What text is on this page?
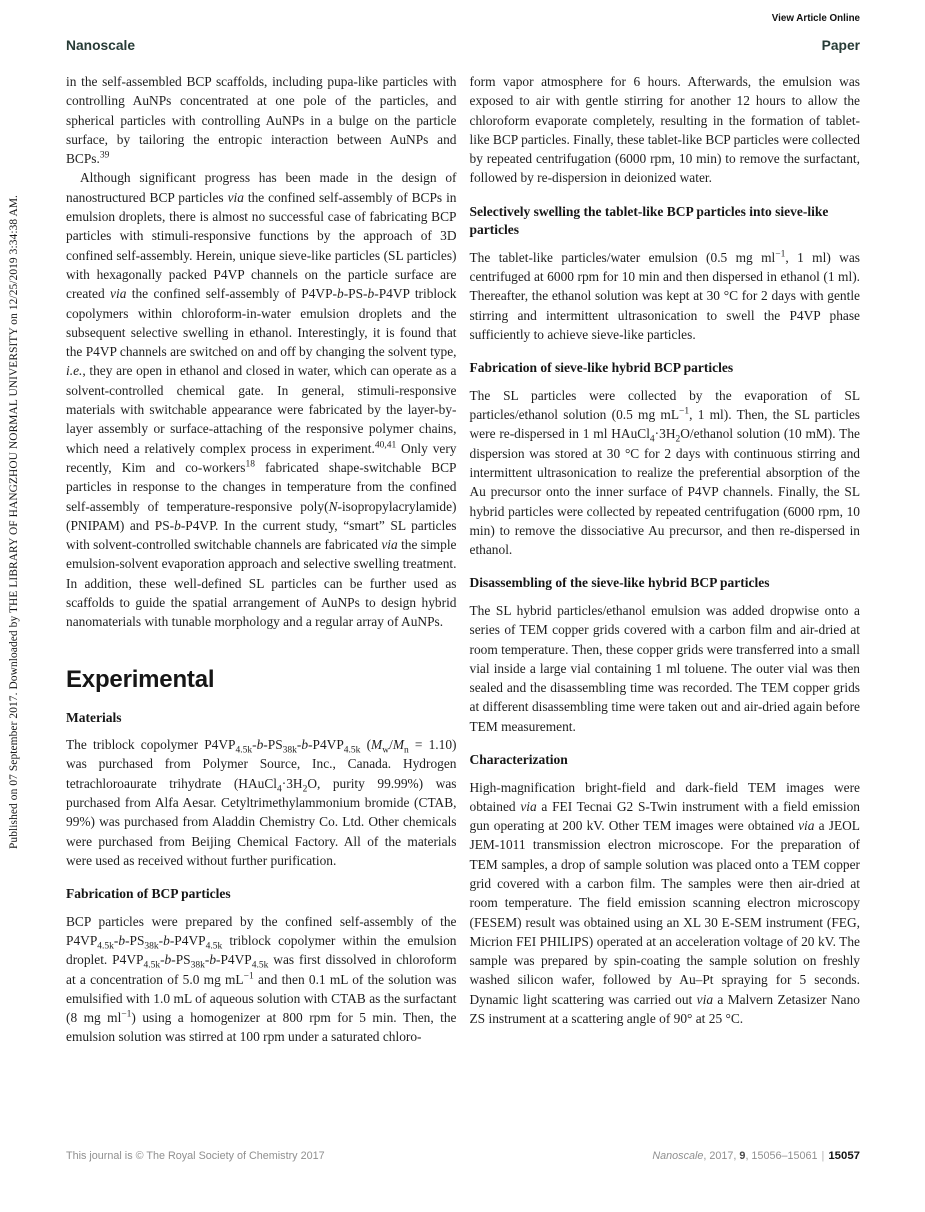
Published on 07 September 2017. Downloaded by THE LIBRARY OF HANGZHOU NORMAL UNIVERSITY on 12/25/2019 3:34:38 AM.
View Article Online
Nanoscale	Paper

in the self-assembled BCP scaffolds, including pupa-like particles with controlling AuNPs concentrated at one pole of the particles, and spherical particles with controlling AuNPs in a bulge on the particle surface, by tailoring the entropic interaction between AuNPs and BCPs.$^{39}$

Although significant progress has been made in the design of nanostructured BCP particles via the confined self-assembly of BCPs in emulsion droplets, there is almost no successful case of fabricating BCP particles with stimuli-responsive functions by the approach of 3D confined self-assembly. Herein, unique sieve-like particles (SL particles) with hexagonally packed P4VP channels on the particle surface are created via the confined self-assembly of P4VP-b-PS-b-P4VP triblock copolymers within chloroform-in-water emulsion droplets and the subsequent selective swelling in ethanol. Interestingly, it is found that the P4VP channels are switched on and off by changing the solvent type, i.e., they are open in ethanol and closed in water, which can operate as a solvent-controlled chemical gate. In general, stimuli-responsive materials with switchable appearance were fabricated by the layer-by-layer assembly or surface-attaching of the responsive polymer chains, which need a relatively complex process in experiment.$^{40,41}$ Only very recently, Kim and co-workers$^{18}$ fabricated shape-switchable BCP particles in response to the changes in temperature from the confined self-assembly of temperature-responsive poly(N-isopropylacrylamide) (PNIPAM) and PS-b-P4VP. In the current study, “smart” SL particles with solvent-controlled switchable channels are fabricated via the simple emulsion-solvent evaporation approach and selective swelling treatment. In addition, these well-defined SL particles can be further used as scaffolds to guide the spatial arrangement of AuNPs to design hybrid nanomaterials with tunable morphology and a regular array of AuNPs.

Experimental
Materials

The triblock copolymer $P4VP_{4.5k}-b-PS_{38k}-b-P4VP_{4.5k}$ $(M_w/M_n = 1.10)$ was purchased from Polymer Source, Inc., Canada. Hydrogen tetrachloroaurate trihydrate ($HAuCl_4\cdot 3H_2O$, purity 99.99%) was purchased from Alfa Aesar. Cetyltrimethylammonium bromide (CTAB, 99%) was purchased from Aladdin Chemistry Co. Ltd. Other chemicals were purchased from Beijing Chemical Factory. All of the materials were used as received without further purification.

Fabrication of BCP particles

BCP particles were prepared by the confined self-assembly of the $P4VP_{4.5k}-b-PS_{38k}-b-P4VP_{4.5k}$ triblock copolymer within the emulsion droplet. $P4VP_{4.5k}-b-PS_{38k}-b-P4VP_{4.5k}$ was first dissolved in chloroform at a concentration of 5.0 mg $mL^{-1}$ and then 0.1 mL of the solution was emulsified with 1.0 mL of aqueous solution with CTAB as the surfactant (8 mg $ml^{-1}$) using a homogenizer at 800 rpm for 5 min. Then, the emulsion solution was stirred at 100 rpm under a saturated chloro-

form vapor atmosphere for 6 hours. Afterwards, the emulsion was exposed to air with gentle stirring for another 12 hours to allow the chloroform evaporate completely, resulting in the formation of tablet-like BCP particles. Finally, these tablet-like BCP particles were collected by repeated centrifugation (6000 rpm, 10 min) to remove the surfactant, followed by re-dispersion in deionized water.

Selectively swelling the tablet-like BCP particles into sieve-like particles

The tablet-like particles/water emulsion (0.5 mg $ml^{-1}$, 1 ml) was centrifuged at 6000 rpm for 10 min and then dispersed in ethanol (1 ml). Thereafter, the ethanol solution was kept at 30 °C for 2 days with gentle stirring and intermittent ultrasonication to swell the P4VP phase sufficiently to achieve sieve-like particles.

Fabrication of sieve-like hybrid BCP particles

The SL particles were collected by the evaporation of SL particles/ethanol solution (0.5 mg $mL^{-1}$, 1 ml). Then, the SL particles were re-dispersed in 1 ml $HAuCl_4\cdot 3H_2O$/ethanol solution (10 mM). The dispersion was stored at 30 °C for 2 days with continuous stirring and intermittent ultrasonication to realize the preferential absorption of the Au precursor onto the inner surface of P4VP channels. Finally, the SL hybrid particles were collected by repeated centrifugation (6000 rpm, 10 min) to remove the dissociative Au precursor, and then re-dispersed in ethanol.

Disassembling of the sieve-like hybrid BCP particles

The SL hybrid particles/ethanol emulsion was added dropwise onto a series of TEM copper grids covered with a carbon film and air-dried at room temperature. Then, these copper grids were transferred into a small vial inside a large vial containing 1 ml toluene. The outer vial was then sealed and the disassembling time was recorded. The TEM copper grids at different disassembling time were taken out and air-dried again before TEM measurement.

Characterization

High-magnification bright-field and dark-field TEM images were obtained via a FEI Tecnai G2 S-Twin instrument with a field emission gun operating at 200 kV. Other TEM images were obtained via a JEOL JEM-1011 transmission electron microscope. For the preparation of TEM samples, a drop of sample solution was placed onto a TEM copper grid covered with a carbon film. The samples were then air-dried at room temperature. The field emission scanning electron microscopy (FESEM) result was obtained using an XL 30 E-SEM instrument (FEG, Micrion FEI PHILIPS) operated at an acceleration voltage of 20 kV. The sample was prepared by spin-coating the sample solution on freshly washed silicon wafer, followed by Au–Pt spraying for 5 seconds. Dynamic light scattering was carried out via a Malvern Zetasizer Nano ZS instrument at a scattering angle of 90° at 25 °C.

This journal is © The Royal Society of Chemistry 2017	Nanoscale, 2017, 9, 15056–15061 | 15057
